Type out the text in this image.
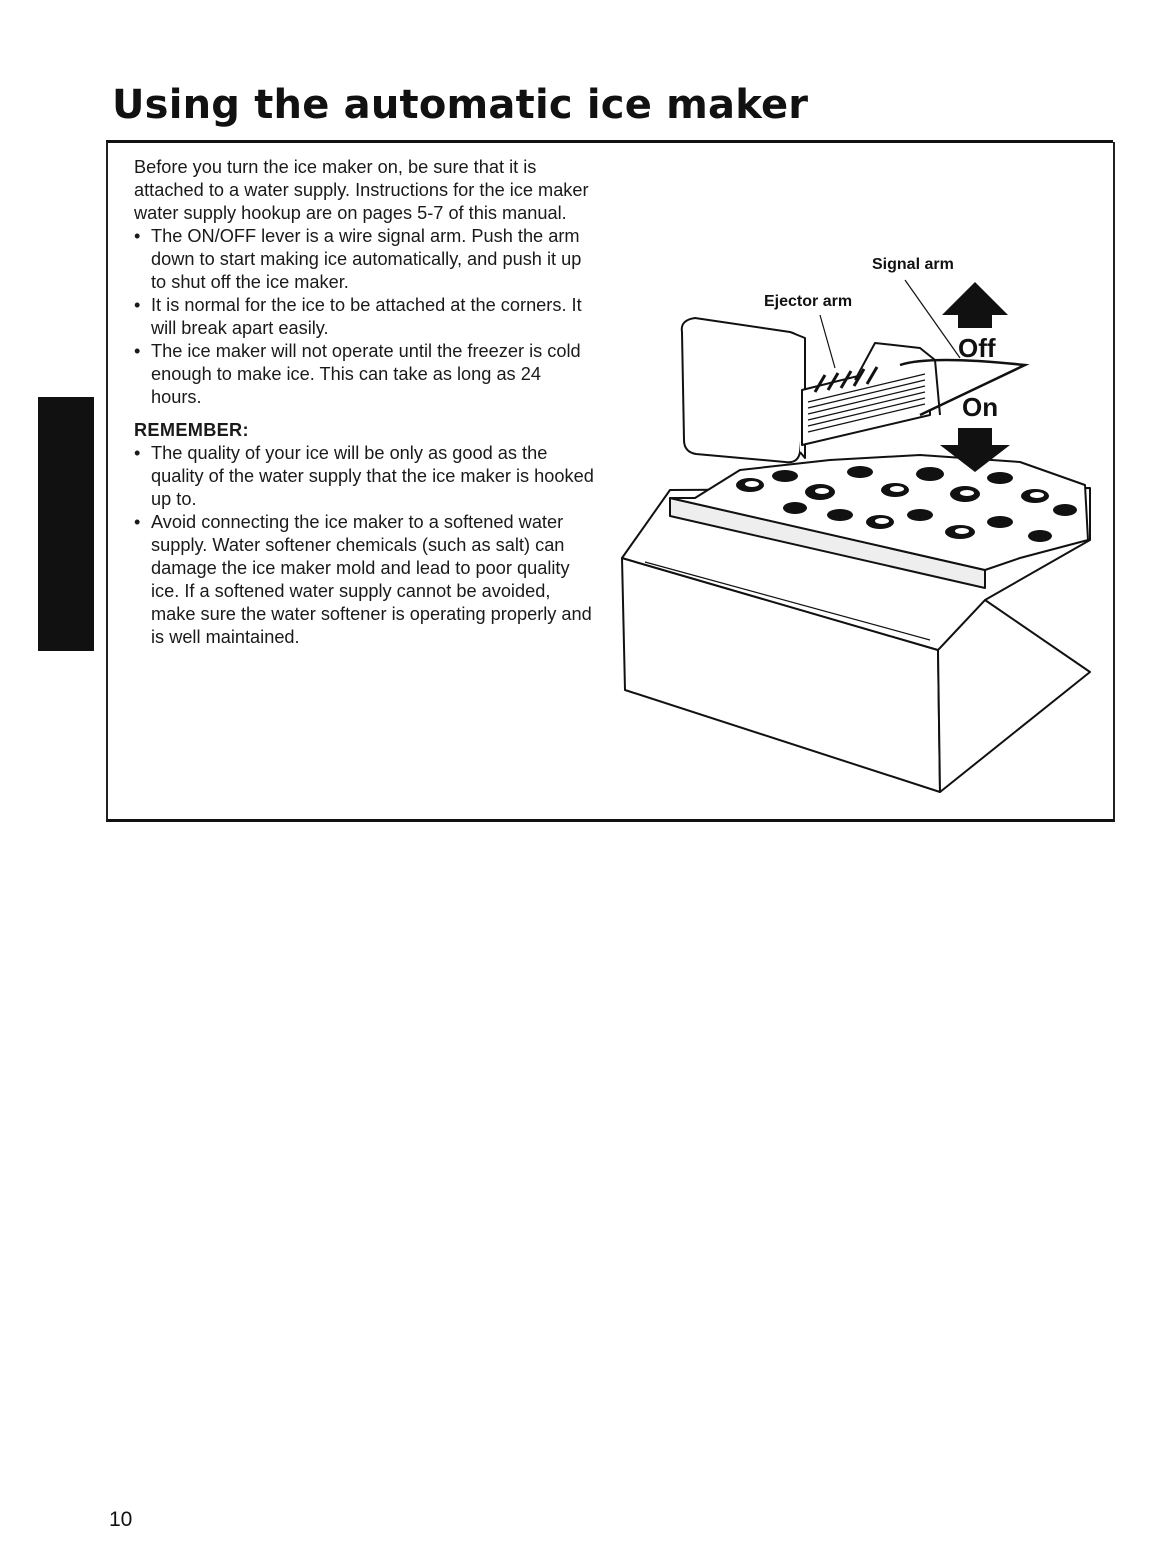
Using the automatic ice maker

Before you turn the ice maker on, be sure that it is attached to a water supply. Instructions for the ice maker water supply hookup are on pages 5-7 of this manual.

• The ON/OFF lever is a wire signal arm. Push the arm down to start making ice automatically, and push it up to shut off the ice maker.
• It is normal for the ice to be attached at the corners. It will break apart easily.
• The ice maker will not operate until the freezer is cold enough to make ice. This can take as long as 24 hours.

REMEMBER:

• The quality of your ice will be only as good as the quality of the water supply that the ice maker is hooked up to.
• Avoid connecting the ice maker to a softened water supply. Water softener chemicals (such as salt) can damage the ice maker mold and lead to poor quality ice. If a softened water supply cannot be avoided, make sure the water softener is operating properly and is well maintained.
Signal arm
Ejector arm
Off
On
10
